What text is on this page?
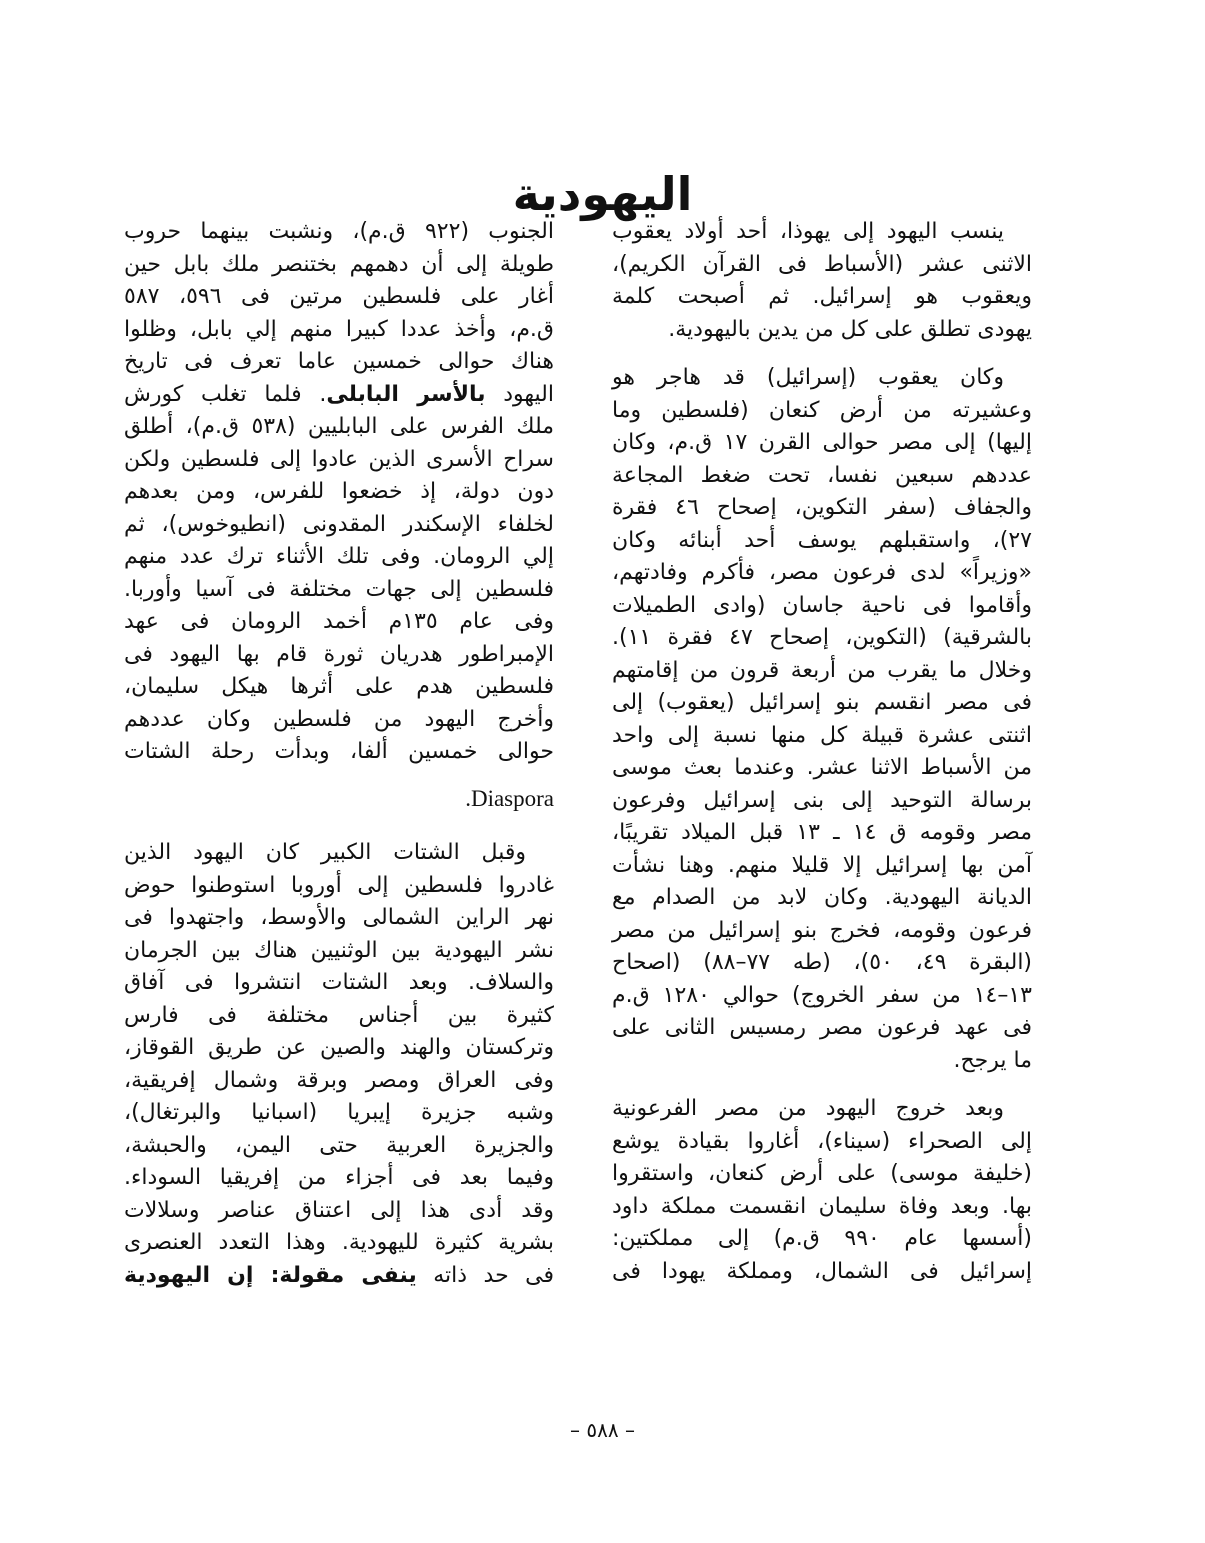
اليهودية
ينسب اليهود إلى يهوذا، أحد أولاد يعقوب
الاثنى عشر (الأسباط فى القرآن الكريم)،
ويعقوب هو إسرائيل. ثم أصبحت كلمة
يهودى تطلق على كل من يدين باليهودية.
وكان يعقوب (إسرائيل) قد هاجر هو
وعشيرته من أرض كنعان (فلسطين وما
إليها) إلى مصر حوالى القرن ١٧ ق.م، وكان
عددهم سبعين نفسا، تحت ضغط المجاعة
والجفاف (سفر التكوين، إصحاح ٤٦ فقرة
٢٧)، واستقبلهم يوسف أحد أبنائه وكان
«وزيراً» لدى فرعون مصر، فأكرم وفادتهم،
وأقاموا فى ناحية جاسان (وادى الطميلات
بالشرقية) (التكوين، إصحاح ٤٧ فقرة ١١).
وخلال ما يقرب من أربعة قرون من إقامتهم
فى مصر انقسم بنو إسرائيل (يعقوب) إلى
اثنتى عشرة قبيلة كل منها نسبة إلى واحد
من الأسباط الاثنا عشر. وعندما بعث موسى
برسالة التوحيد إلى بنى إسرائيل وفرعون
مصر وقومه ق ١٤ ـ ١٣ قبل الميلاد تقريبًا،
آمن بها إسرائيل إلا قليلا منهم. وهنا نشأت
الديانة اليهودية. وكان لابد من الصدام مع
فرعون وقومه، فخرج بنو إسرائيل من مصر
(البقرة ٤٩، ٥٠)، (طه ٧٧–٨٨) (اصحاح
١٣–١٤ من سفر الخروج) حوالي ١٢٨٠ ق.م
فى عهد فرعون مصر رمسيس الثانى على
ما يرجح.
وبعد خروج اليهود من مصر الفرعونية
إلى الصحراء (سيناء)، أغاروا بقيادة يوشع
(خليفة موسى) على أرض كنعان، واستقروا
بها. وبعد وفاة سليمان انقسمت مملكة داود
(أسسها عام ٩٩٠ ق.م) إلى مملكتين:
إسرائيل فى الشمال، ومملكة يهودا فى
الجنوب (٩٢٢ ق.م)، ونشبت بينهما حروب
طويلة إلى أن دهمهم بختنصر ملك بابل حين
أغار على فلسطين مرتين فى ٥٩٦، ٥٨٧
ق.م، وأخذ عددا كبيرا منهم إلي بابل، وظلوا
هناك حوالى خمسين عاما تعرف فى تاريخ
اليهود بالأسر البابلى. فلما تغلب كورش
ملك الفرس على البابليين (٥٣٨ ق.م)، أطلق
سراح الأسرى الذين عادوا إلى فلسطين ولكن
دون دولة، إذ خضعوا للفرس، ومن بعدهم
لخلفاء الإسكندر المقدونى (انطيوخوس)، ثم
إلي الرومان. وفى تلك الأثناء ترك عدد منهم
فلسطين إلى جهات مختلفة فى آسيا وأوربا.
وفى عام ١٣٥م أخمد الرومان فى عهد
الإمبراطور هدريان ثورة قام بها اليهود فى
فلسطين هدم على أثرها هيكل سليمان،
وأخرج اليهود من فلسطين وكان عددهم
حوالى خمسين ألفا، وبدأت رحلة الشتات
.Diaspora
وقبل الشتات الكبير كان اليهود الذين
غادروا فلسطين إلى أوروبا استوطنوا حوض
نهر الراين الشمالى والأوسط، واجتهدوا فى
نشر اليهودية بين الوثنيين هناك بين الجرمان
والسلاف. وبعد الشتات انتشروا فى آفاق
كثيرة بين أجناس مختلفة فى فارس
وتركستان والهند والصين عن طريق القوقاز،
وفى العراق ومصر وبرقة وشمال إفريقية،
وشبه جزيرة إيبريا (اسبانيا والبرتغال)،
والجزيرة العربية حتى اليمن، والحبشة،
وفيما بعد فى أجزاء من إفريقيا السوداء.
وقد أدى هذا إلى اعتناق عناصر وسلالات
بشرية كثيرة لليهودية. وهذا التعدد العنصرى
فى حد ذاته ينفى مقولة: إن اليهودية
– ٥٨٨ –
